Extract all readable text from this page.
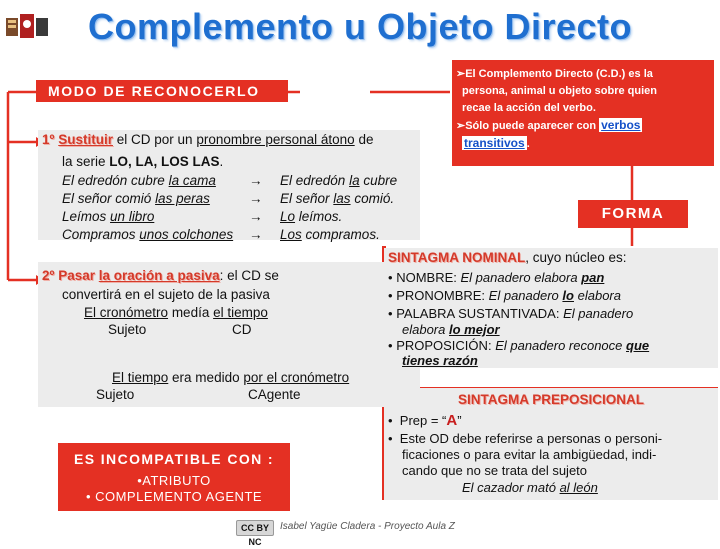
Complemento u Objeto Directo
MODO DE RECONOCERLO
➢El Complemento Directo (C.D.) es la
persona, animal u objeto sobre quien
recae la acción del verbo.
➢Sólo puede aparecer con verbos
transitivos .
FORMA
1º Sustituir el CD por un pronombre personal átono de
la serie LO, LA, LOS LAS.
El edredón cubre la cama → El edredón la cubre
El señor comió las peras	→ El señor las comió.
Leímos un libro	→ Lo leímos.
Compramos unos colchones → Los compramos.
2º Pasar la oración a pasiva: el CD se
convertirá en el sujeto de la pasiva
El cronómetro medía el tiempo
Sujeto	CD
El tiempo era medido por el cronómetro
Sujeto	CAgente
ES INCOMPATIBLE CON :
•ATRIBUTO
• COMPLEMENTO AGENTE
SINTAGMA NOMINAL, cuyo núcleo es:
• NOMBRE: El panadero elabora pan
• PRONOMBRE: El panadero lo elabora
• PALABRA SUSTANTIVADA: El panadero
elabora lo mejor
• PROPOSICIÓN: El panadero reconoce que
tienes razón
SINTAGMA PREPOSICIONAL
•  Prep = “A”
•  Este OD debe referirse a personas o personi-
ficaciones o para evitar la ambigüedad, indi-
cando que no se trata del sujeto
El cazador mató al león
CC BY NC
Isabel Yagüe Cladera - Proyecto Aula Z
